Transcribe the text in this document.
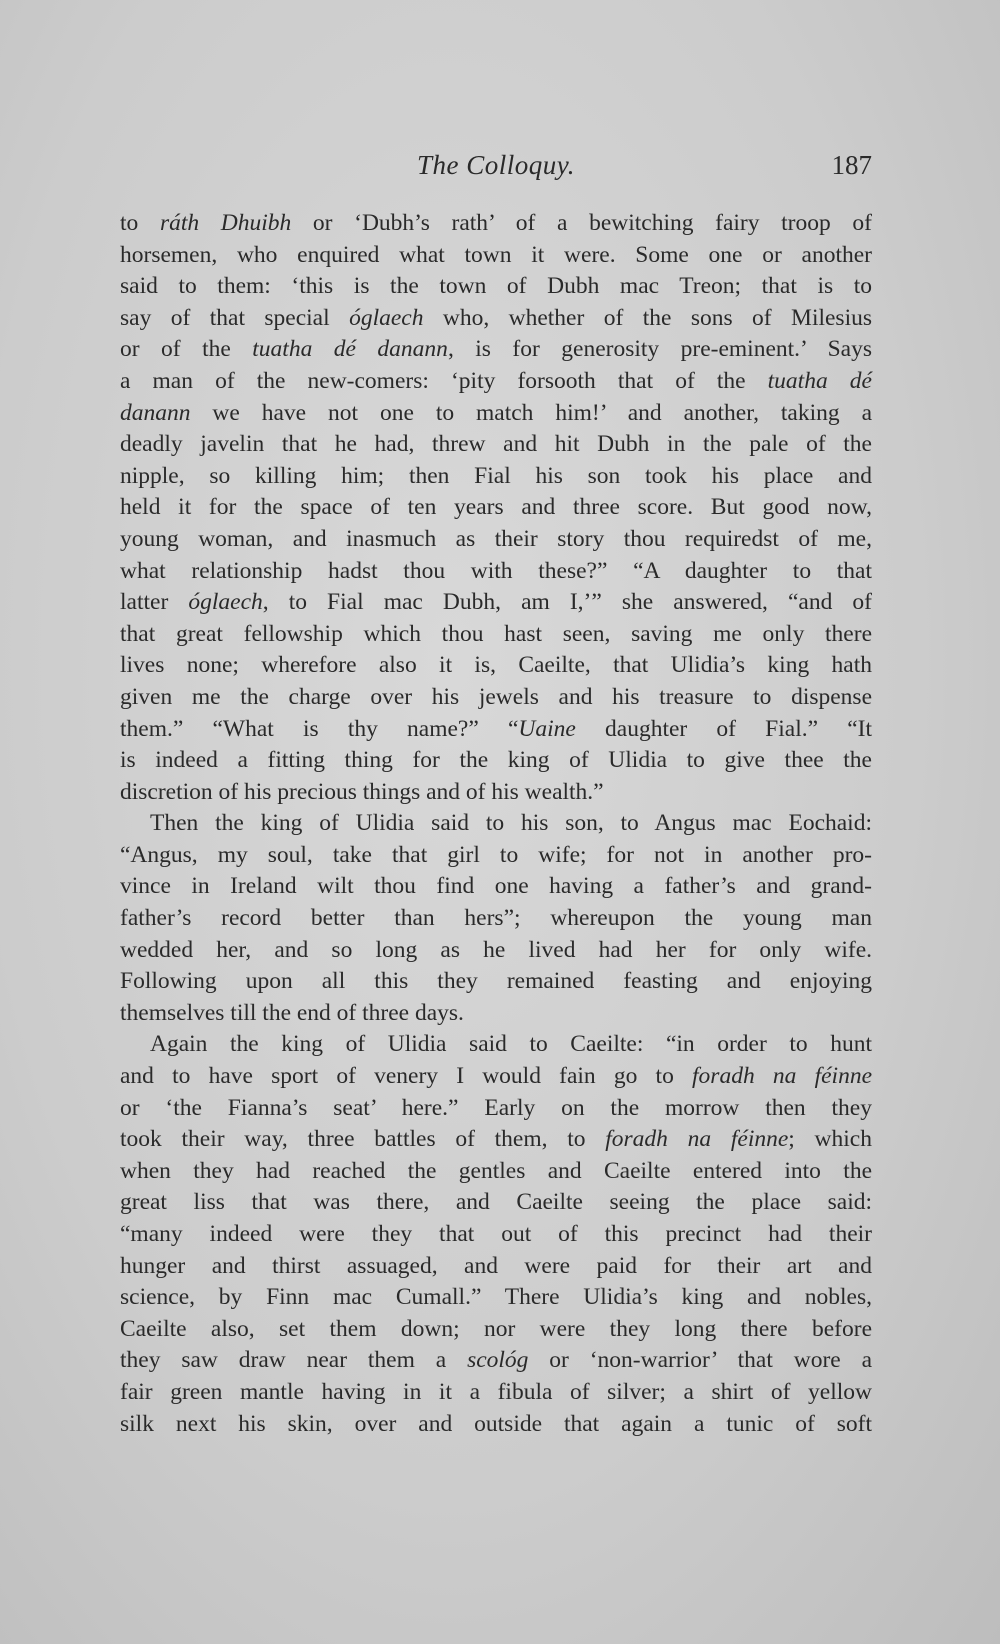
The Colloquy.	187
to ráth Dhuibh or ‘Dubh’s rath’ of a bewitching fairy troop of
horsemen, who enquired what town it were. Some one or another
said to them: ‘this is the town of Dubh mac Treon; that is to
say of that special óglaech who, whether of the sons of Milesius
or of the tuatha dé danann, is for generosity pre-eminent.’ Says
a man of the new-comers: ‘pity forsooth that of the tuatha dé
danann we have not one to match him!’ and another, taking a
deadly javelin that he had, threw and hit Dubh in the pale of the
nipple, so killing him; then Fial his son took his place and
held it for the space of ten years and three score. But good now,
young woman, and inasmuch as their story thou requiredst of me,
what relationship hadst thou with these?” “A daughter to that
latter óglaech, to Fial mac Dubh, am I,’” she answered, “and of
that great fellowship which thou hast seen, saving me only there
lives none; wherefore also it is, Caeilte, that Ulidia’s king hath
given me the charge over his jewels and his treasure to dispense
them.” “What is thy name?” “Uaine daughter of Fial.” “It
is indeed a fitting thing for the king of Ulidia to give thee the
discretion of his precious things and of his wealth.”
Then the king of Ulidia said to his son, to Angus mac Eochaid:
“Angus, my soul, take that girl to wife; for not in another pro-
vince in Ireland wilt thou find one having a father’s and grand-
father’s record better than hers”; whereupon the young man
wedded her, and so long as he lived had her for only wife.
Following upon all this they remained feasting and enjoying
themselves till the end of three days.
Again the king of Ulidia said to Caeilte: “in order to hunt
and to have sport of venery I would fain go to foradh na féinne
or ‘the Fianna’s seat’ here.” Early on the morrow then they
took their way, three battles of them, to foradh na féinne; which
when they had reached the gentles and Caeilte entered into the
great liss that was there, and Caeilte seeing the place said:
“many indeed were they that out of this precinct had their
hunger and thirst assuaged, and were paid for their art and
science, by Finn mac Cumall.” There Ulidia’s king and nobles,
Caeilte also, set them down; nor were they long there before
they saw draw near them a scológ or ‘non-warrior’ that wore a
fair green mantle having in it a fibula of silver; a shirt of yellow
silk next his skin, over and outside that again a tunic of soft
